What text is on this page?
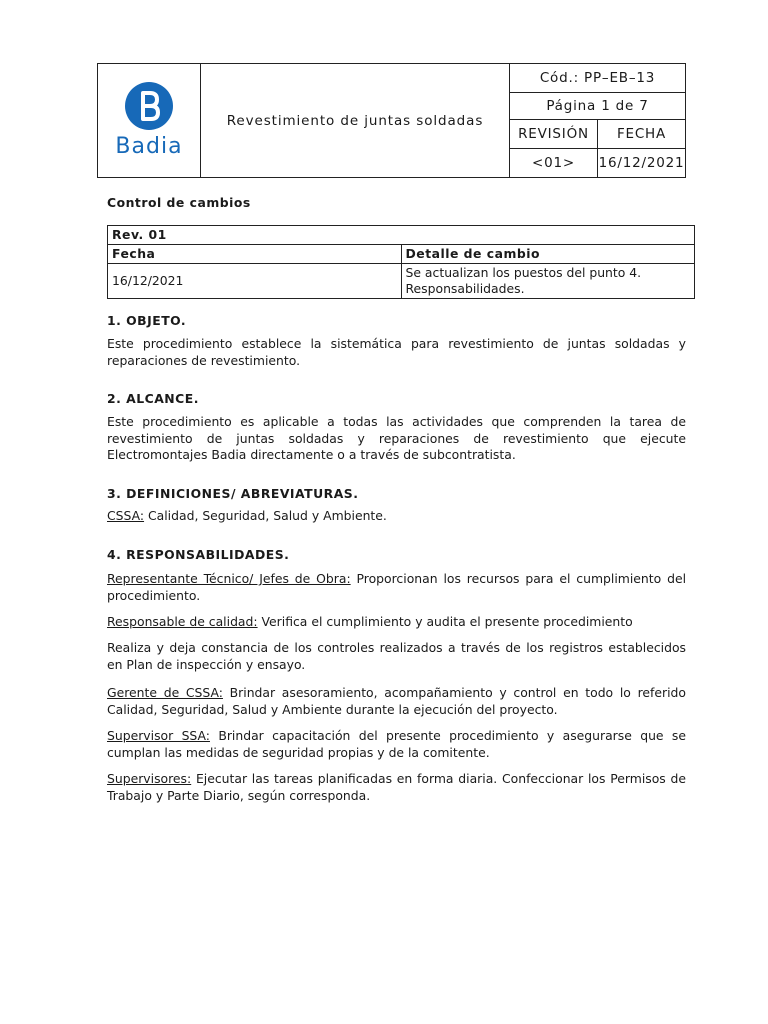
Badia	Revestimiento de juntas soldadas	Cód.: PP–EB–13	
		Página 1 de 7	
		REVISIÓN	FECHA
		<01>	16/12/2021
Control de cambios
Rev. 01	
Fecha	Detalle de cambio
16/12/2021	Se actualizan los puestos del punto 4. Responsabilidades.
1. OBJETO.
Este procedimiento establece la sistemática para revestimiento de juntas soldadas y reparaciones de revestimiento.
2. ALCANCE.
Este procedimiento es aplicable a todas las actividades que comprenden la tarea de revestimiento de juntas soldadas y reparaciones de revestimiento que ejecute Electromontajes Badia directamente o a través de subcontratista.
3. DEFINICIONES/ ABREVIATURAS.
CSSA: Calidad, Seguridad, Salud y Ambiente.
4. RESPONSABILIDADES.
Representante Técnico/ Jefes de Obra: Proporcionan los recursos para el cumplimiento del procedimiento.
Responsable de calidad: Verifica el cumplimiento y audita el presente procedimiento
Realiza y deja constancia de los controles realizados a través de los registros establecidos en Plan de inspección y ensayo.
Gerente de CSSA: Brindar asesoramiento, acompañamiento y control en todo lo referido Calidad, Seguridad, Salud y Ambiente durante la ejecución del proyecto.
Supervisor SSA: Brindar capacitación del presente procedimiento y asegurarse que se cumplan las medidas de seguridad propias y de la comitente.
Supervisores: Ejecutar las tareas planificadas en forma diaria. Confeccionar los Permisos de Trabajo y Parte Diario, según corresponda.
